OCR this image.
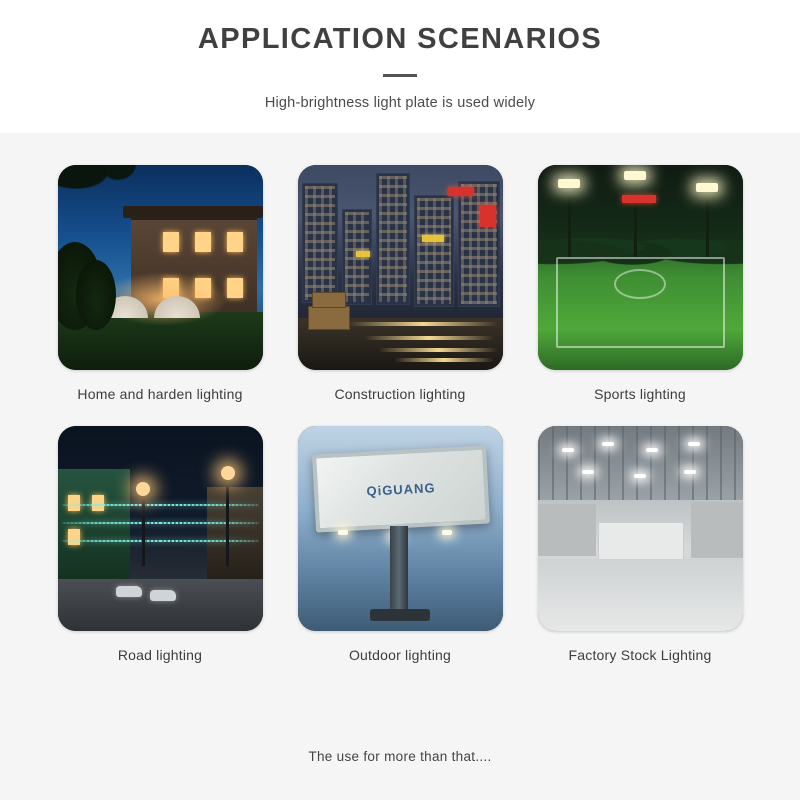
APPLICATION SCENARIOS

High-brightness light plate is used widely

Home and harden lighting	Construction lighting	Sports lighting
Road lighting
QiGUANG
Outdoor lighting	Factory Stock Lighting
The use for more than that....
